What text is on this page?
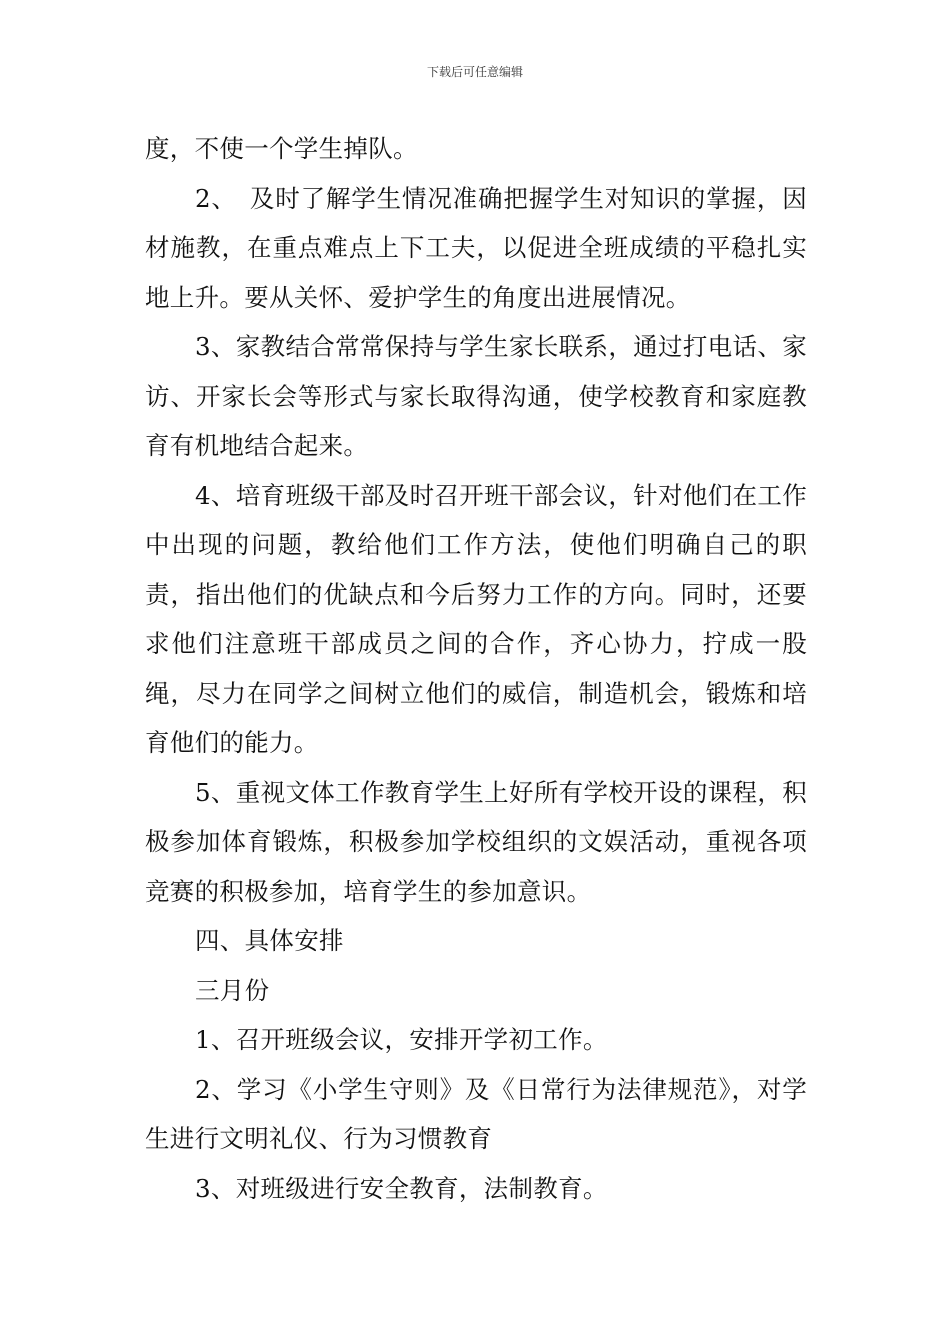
下载后可任意编辑

度，不使一个学生掉队。

2、　及时了解学生情况准确把握学生对知识的掌握，因材施教，在重点难点上下工夫，以促进全班成绩的平稳扎实地上升。要从关怀、爱护学生的角度出进展情况。

3、家教结合常常保持与学生家长联系，通过打电话、家访、开家长会等形式与家长取得沟通，使学校教育和家庭教育有机地结合起来。

4、培育班级干部及时召开班干部会议，针对他们在工作中出现的问题，教给他们工作方法，使他们明确自己的职责，指出他们的优缺点和今后努力工作的方向。同时，还要求他们注意班干部成员之间的合作，齐心协力，拧成一股绳，尽力在同学之间树立他们的威信，制造机会，锻炼和培育他们的能力。

5、重视文体工作教育学生上好所有学校开设的课程，积极参加体育锻炼，积极参加学校组织的文娱活动，重视各项竞赛的积极参加，培育学生的参加意识。

四、具体安排

三月份

1、召开班级会议，安排开学初工作。

2、学习《小学生守则》及《日常行为法律规范》，对学生进行文明礼仪、行为习惯教育

3、对班级进行安全教育，法制教育。
